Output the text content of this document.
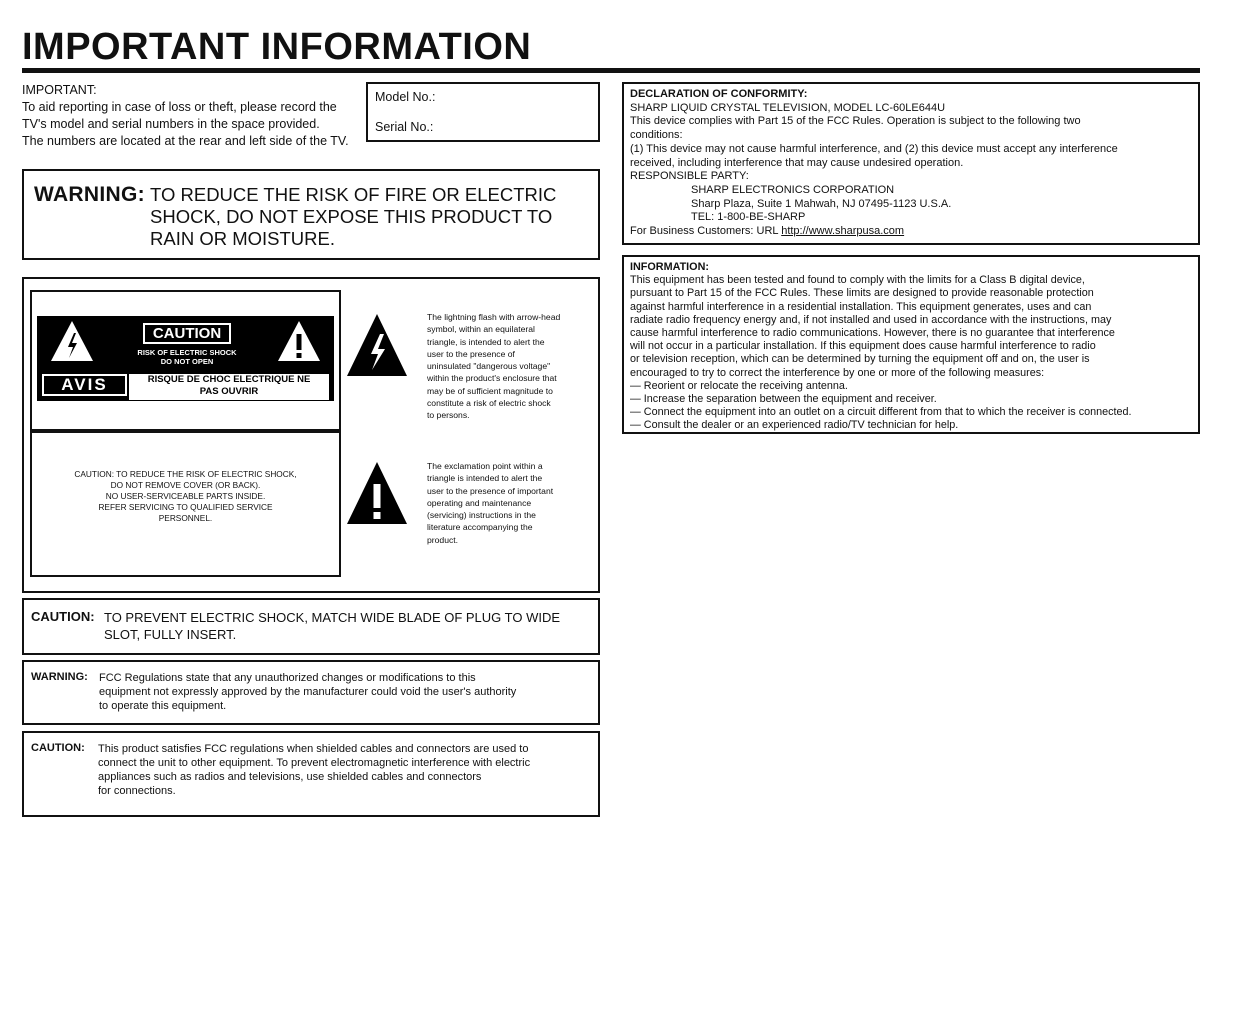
IMPORTANT INFORMATION
IMPORTANT:
To aid reporting in case of loss or theft, please record the
TV's model and serial numbers in the space provided.
The numbers are located at the rear and left side of the TV.
Model No.:
Serial No.:
WARNING: TO REDUCE THE RISK OF FIRE OR ELECTRIC
SHOCK, DO NOT EXPOSE THIS PRODUCT TO
RAIN OR MOISTURE.
CAUTION
RISK OF ELECTRIC SHOCK
DO NOT OPEN
AVIS	RISQUE DE CHOC ELECTRIQUE NE
PAS OUVRIR
CAUTION: TO REDUCE THE RISK OF ELECTRIC SHOCK,
DO NOT REMOVE COVER (OR BACK).
NO USER-SERVICEABLE PARTS INSIDE.
REFER SERVICING TO QUALIFIED SERVICE
PERSONNEL.
The lightning flash with arrow-head
symbol, within an equilateral
triangle, is intended to alert the
user to the presence of
uninsulated "dangerous voltage"
within the product's enclosure that
may be of sufficient magnitude to
constitute a risk of electric shock
to persons.
The exclamation point within a
triangle is intended to alert the
user to the presence of important
operating and maintenance
(servicing) instructions in the
literature accompanying the
product.
CAUTION: TO PREVENT ELECTRIC SHOCK, MATCH WIDE BLADE OF PLUG TO WIDE
SLOT, FULLY INSERT.
WARNING: FCC Regulations state that any unauthorized changes or modifications to this
equipment not expressly approved by the manufacturer could void the user's authority
to operate this equipment.
CAUTION: This product satisfies FCC regulations when shielded cables and connectors are used to
connect the unit to other equipment. To prevent electromagnetic interference with electric
appliances such as radios and televisions, use shielded cables and connectors
for connections.
DECLARATION OF CONFORMITY:
SHARP LIQUID CRYSTAL TELEVISION, MODEL LC-60LE644U
This device complies with Part 15 of the FCC Rules. Operation is subject to the following two
conditions:
(1) This device may not cause harmful interference, and (2) this device must accept any interference
received, including interference that may cause undesired operation.
RESPONSIBLE PARTY:
SHARP ELECTRONICS CORPORATION
Sharp Plaza, Suite 1 Mahwah, NJ 07495-1123 U.S.A.
TEL: 1-800-BE-SHARP
For Business Customers: URL http://www.sharpusa.com
INFORMATION:
This equipment has been tested and found to comply with the limits for a Class B digital device,
pursuant to Part 15 of the FCC Rules. These limits are designed to provide reasonable protection
against harmful interference in a residential installation. This equipment generates, uses and can
radiate radio frequency energy and, if not installed and used in accordance with the instructions, may
cause harmful interference to radio communications. However, there is no guarantee that interference
will not occur in a particular installation. If this equipment does cause harmful interference to radio
or television reception, which can be determined by turning the equipment off and on, the user is
encouraged to try to correct the interference by one or more of the following measures:
— Reorient or relocate the receiving antenna.
— Increase the separation between the equipment and receiver.
— Connect the equipment into an outlet on a circuit different from that to which the receiver is connected.
— Consult the dealer or an experienced radio/TV technician for help.
